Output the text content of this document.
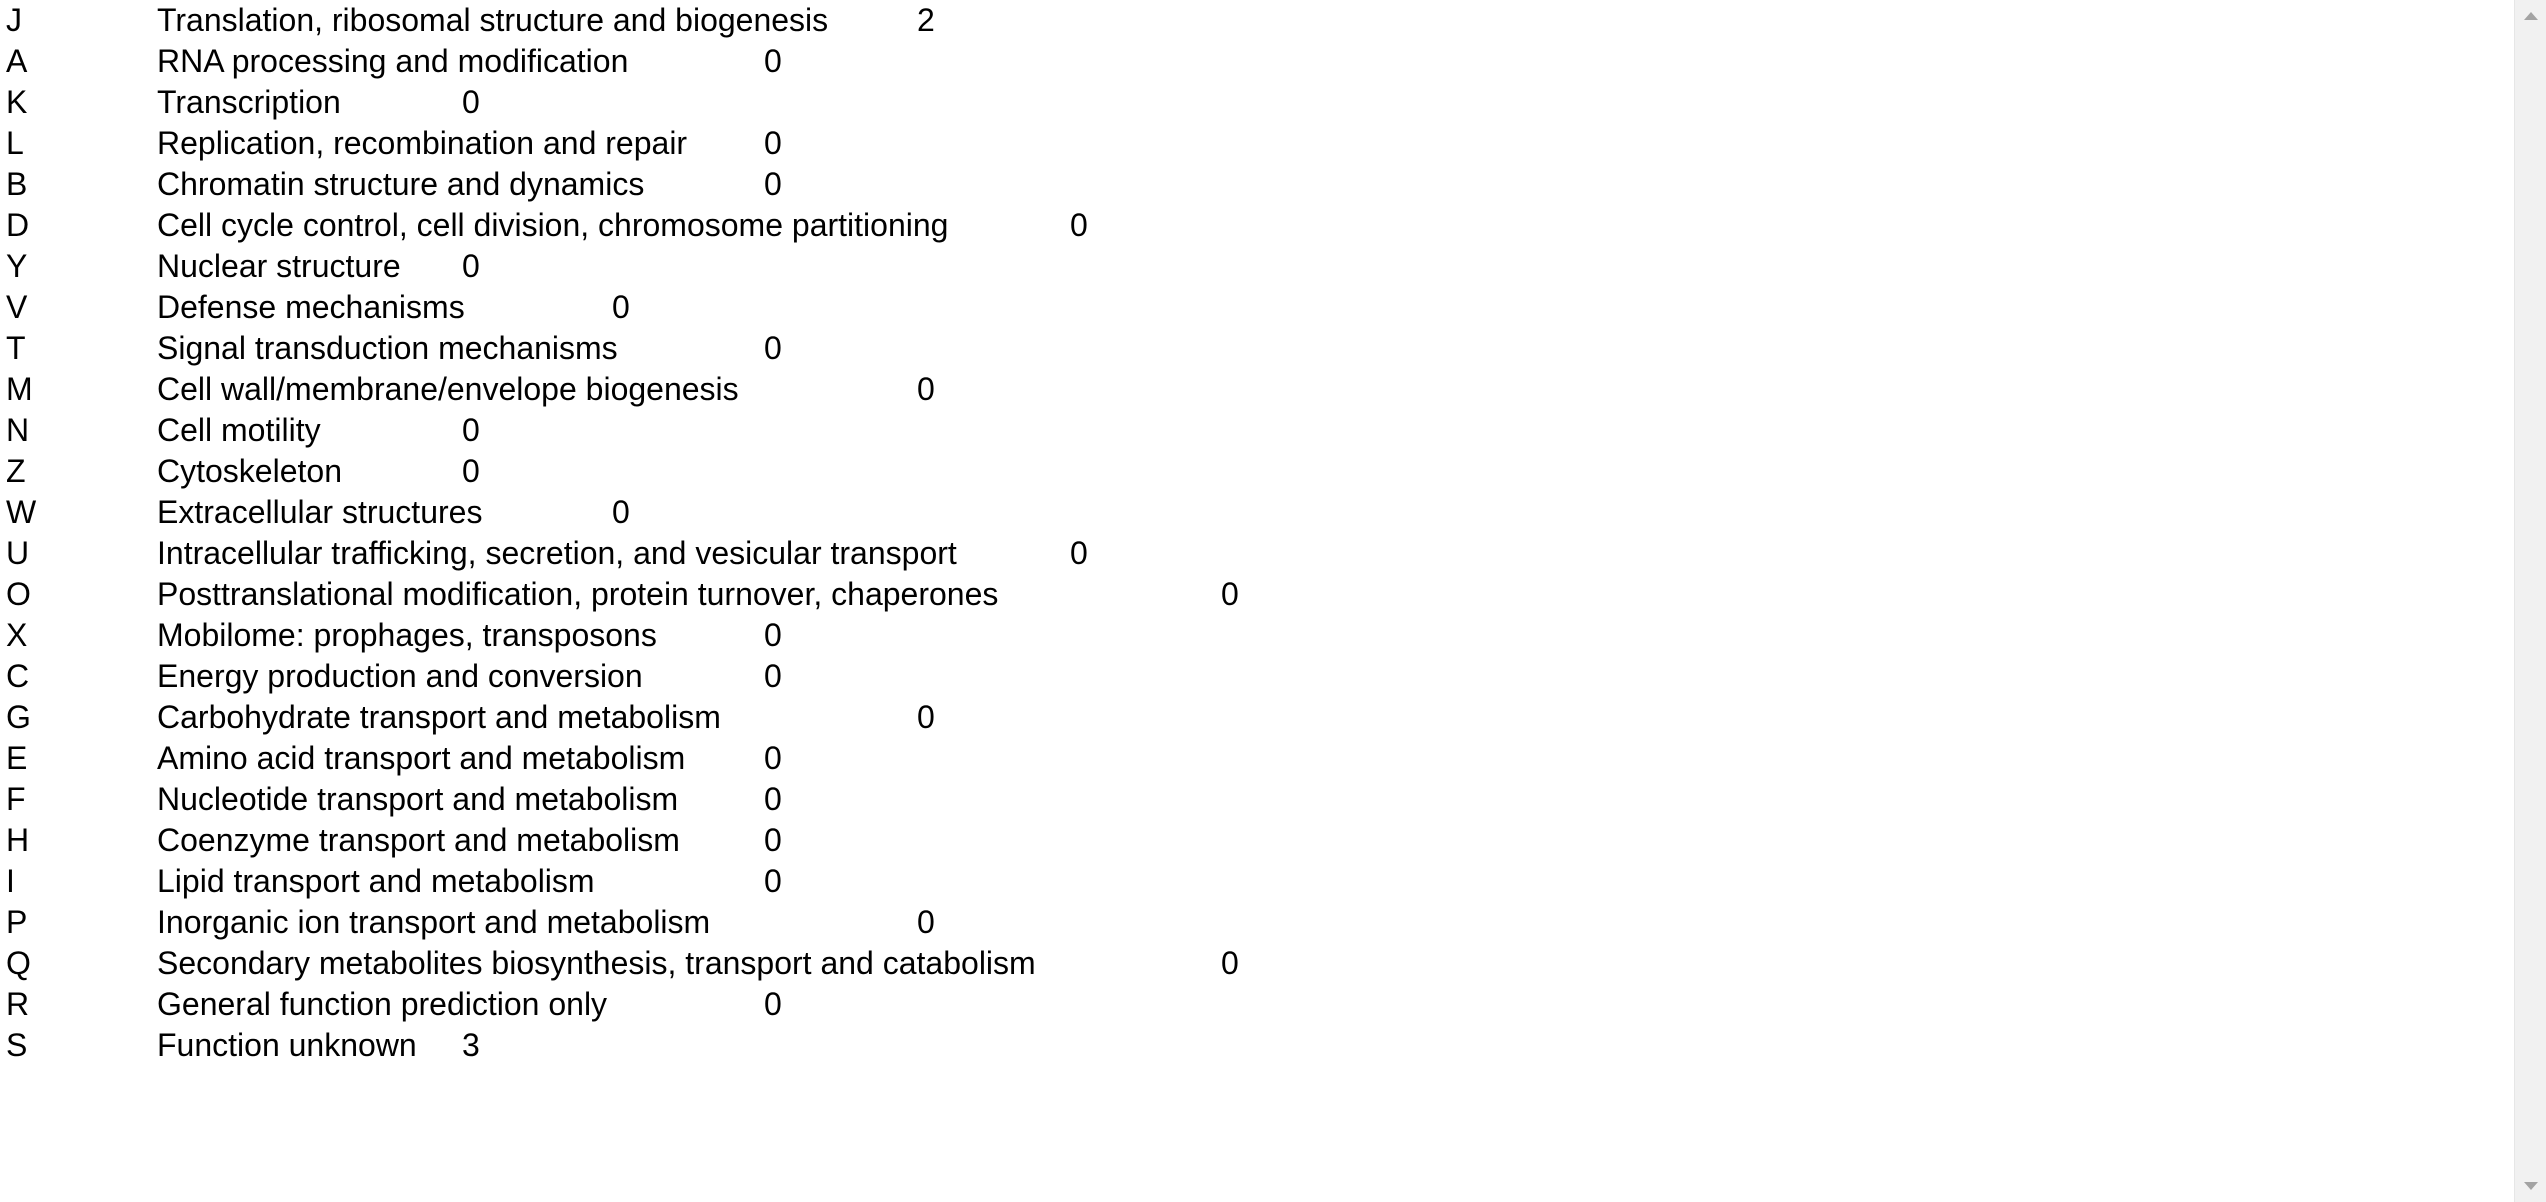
J	Translation, ribosomal structure and biogenesis	2
A	RNA processing and modification	0
K	Transcription	0
L	Replication, recombination and repair 0
B	Chromatin structure and dynamics	0
D	Cell cycle control, cell division, chromosome partitioning	0
Y	Nuclear structure 0
V	Defense mechanisms	0
T	Signal transduction mechanisms	0
M	Cell wall/membrane/envelope biogenesis	0
N	Cell motility	0
Z	Cytoskeleton	0
W	Extracellular structures	0
U	Intracellular trafficking, secretion, and vesicular transport	0
O	Posttranslational modification, protein turnover, chaperones	0
X	Mobilome: prophages, transposons	0
C	Energy production and conversion	0
G	Carbohydrate transport and metabolism	0
E	Amino acid transport and metabolism 0
F	Nucleotide transport and metabolism	0
H	Coenzyme transport and metabolism	0
I	Lipid transport and metabolism	0
P	Inorganic ion transport and metabolism	0
Q	Secondary metabolites biosynthesis, transport and catabolism	0
R	General function prediction only	0
S	Function unknown 3
